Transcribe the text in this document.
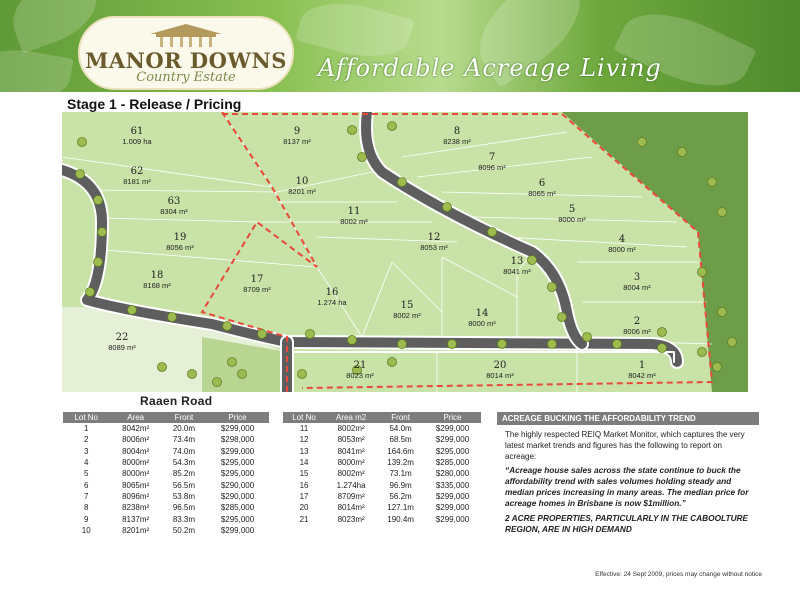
MANOR DOWNS
Country Estate	Affordable Acreage Living
Stage 1 - Release / Pricing
61
1.009 ha
9
8137 m²
8
8238 m²
62
8181 m²	10
8201 m²
7
8096 m²
63
8304 m²
6
8065 m²
11
8002 m²
5
8000 m²
19
8056 m²
12
8053 m²
4
8000 m²
18
8168 m²
17
8709 m²
13
8041 m²
16
1.274 ha
3
8004 m²
15
8002 m²	14
8000 m²	2
8006 m²
22
8089 m²
21
8023 m²
20
8014 m²
1
8042 m²
Raaen Road
Lot No	Area	Front	Price
1	8042m²	20.0m	$299,000
2	8006m²	73.4m	$298,000
3	8004m²	74.0m	$299,000
4	8000m²	54.3m	$295,000
5	8000m²	85.2m	$295,000
6	8065m²	56.5m	$290,000
7	8096m²	53.8m	$290,000
8	8238m²	96.5m	$285,000
9	8137m²	83.3m	$295,000
10	8201m²	50.2m	$299,000
Lot No	Area m2	Front	Price
11	8002m²	54.0m	$299,000
12	8053m²	68.5m	$299,000
13	8041m²	164.6m	$295,000
14	8000m²	139.2m	$285,000
15	8002m²	73.1m	$280,000
16	1.274ha	96.9m	$335,000
17	8709m²	56.2m	$299,000
20	8014m²	127.1m	$299,000
21	8023m²	190.4m	$299,000
ACREAGE BUCKING THE AFFORDABILITY TREND
The highly respected REIQ Market Monitor, which captures the very latest market trends and figures has the following to report on acreage:
“Acreage house sales across the state continue to buck the affordability trend with sales volumes holding steady and median prices increasing in many areas. The median price for acreage homes in Brisbane is now $1million.”
2 ACRE PROPERTIES, PARTICULARLY IN THE CABOOLTURE REGION, ARE IN HIGH DEMAND
Effective: 24 Sept 2009, prices may change without notice
